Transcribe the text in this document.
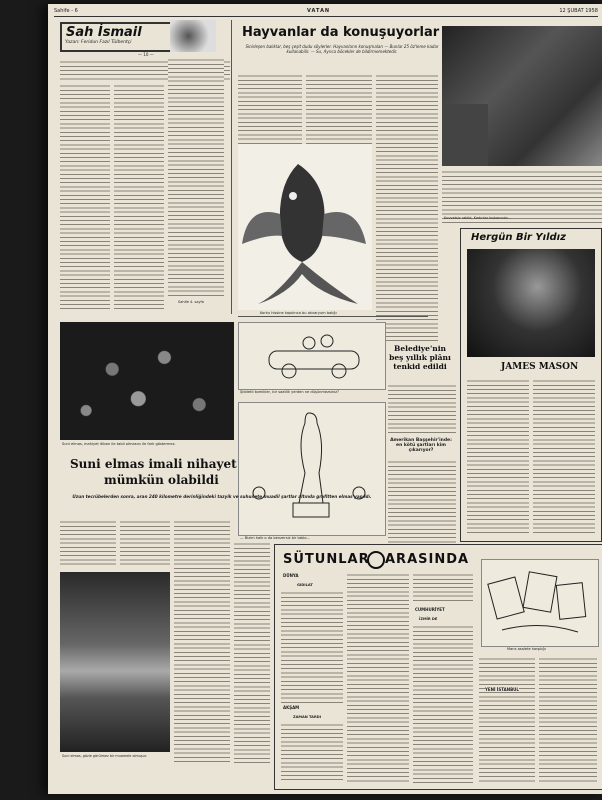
Sahife - 6	VATAN	12 ŞUBAT 1958
Sah İsmail
Yazan: Feridun Fazıl Tülbentçi
— 10 —
Sahife 4. sayfa
Hayvanlar da konuşuyorlar
Sinirleşen balıklar, beş çeşit dudu söylerler. Hayvanların konuşmaları — Bunlar 25 öz'leme kadar kullanabilir. — Su, Ayrıca böcekler de bildirmemektedir.
Korku hissine kapılınca bu akvaryum balığı
Kuvvetsiz rakibi, Kadınlar kıskancıdır...
Belediye'nin beş yıllık plânı tenkid edildi
Amerikan Başşehir'inde: en kötü şartları kim çıkarıyor?
Hergün Bir Yıldız
JAMES MASON
Şiddetli komikler, bir saatlik yerden ne düşünmezsiniz?
— Bizim halk o da benzersiz bir tablo...
Suni elmas, mahiyet itibarı ile tabii olmasını ile fark göstermez.
Suni elmas imali nihayet
mümkün olabildi
Uzun tecrübelerden sonra, aran 240 kilometre derinliğindeki tazyik ve suhunete muadil şartlar altında grafitten elmas yapıldı.
Suni elmas, gözle görülmez bir muamele olmuşur.
SÜTUNLAR ARASINDA
DÜNYA
GIDILAT
AKŞAM
ZAMAN TARDI
CUMHURİYET
İZMİR DE
Mans asalete karşılığı
YENİ İSTANBUL
